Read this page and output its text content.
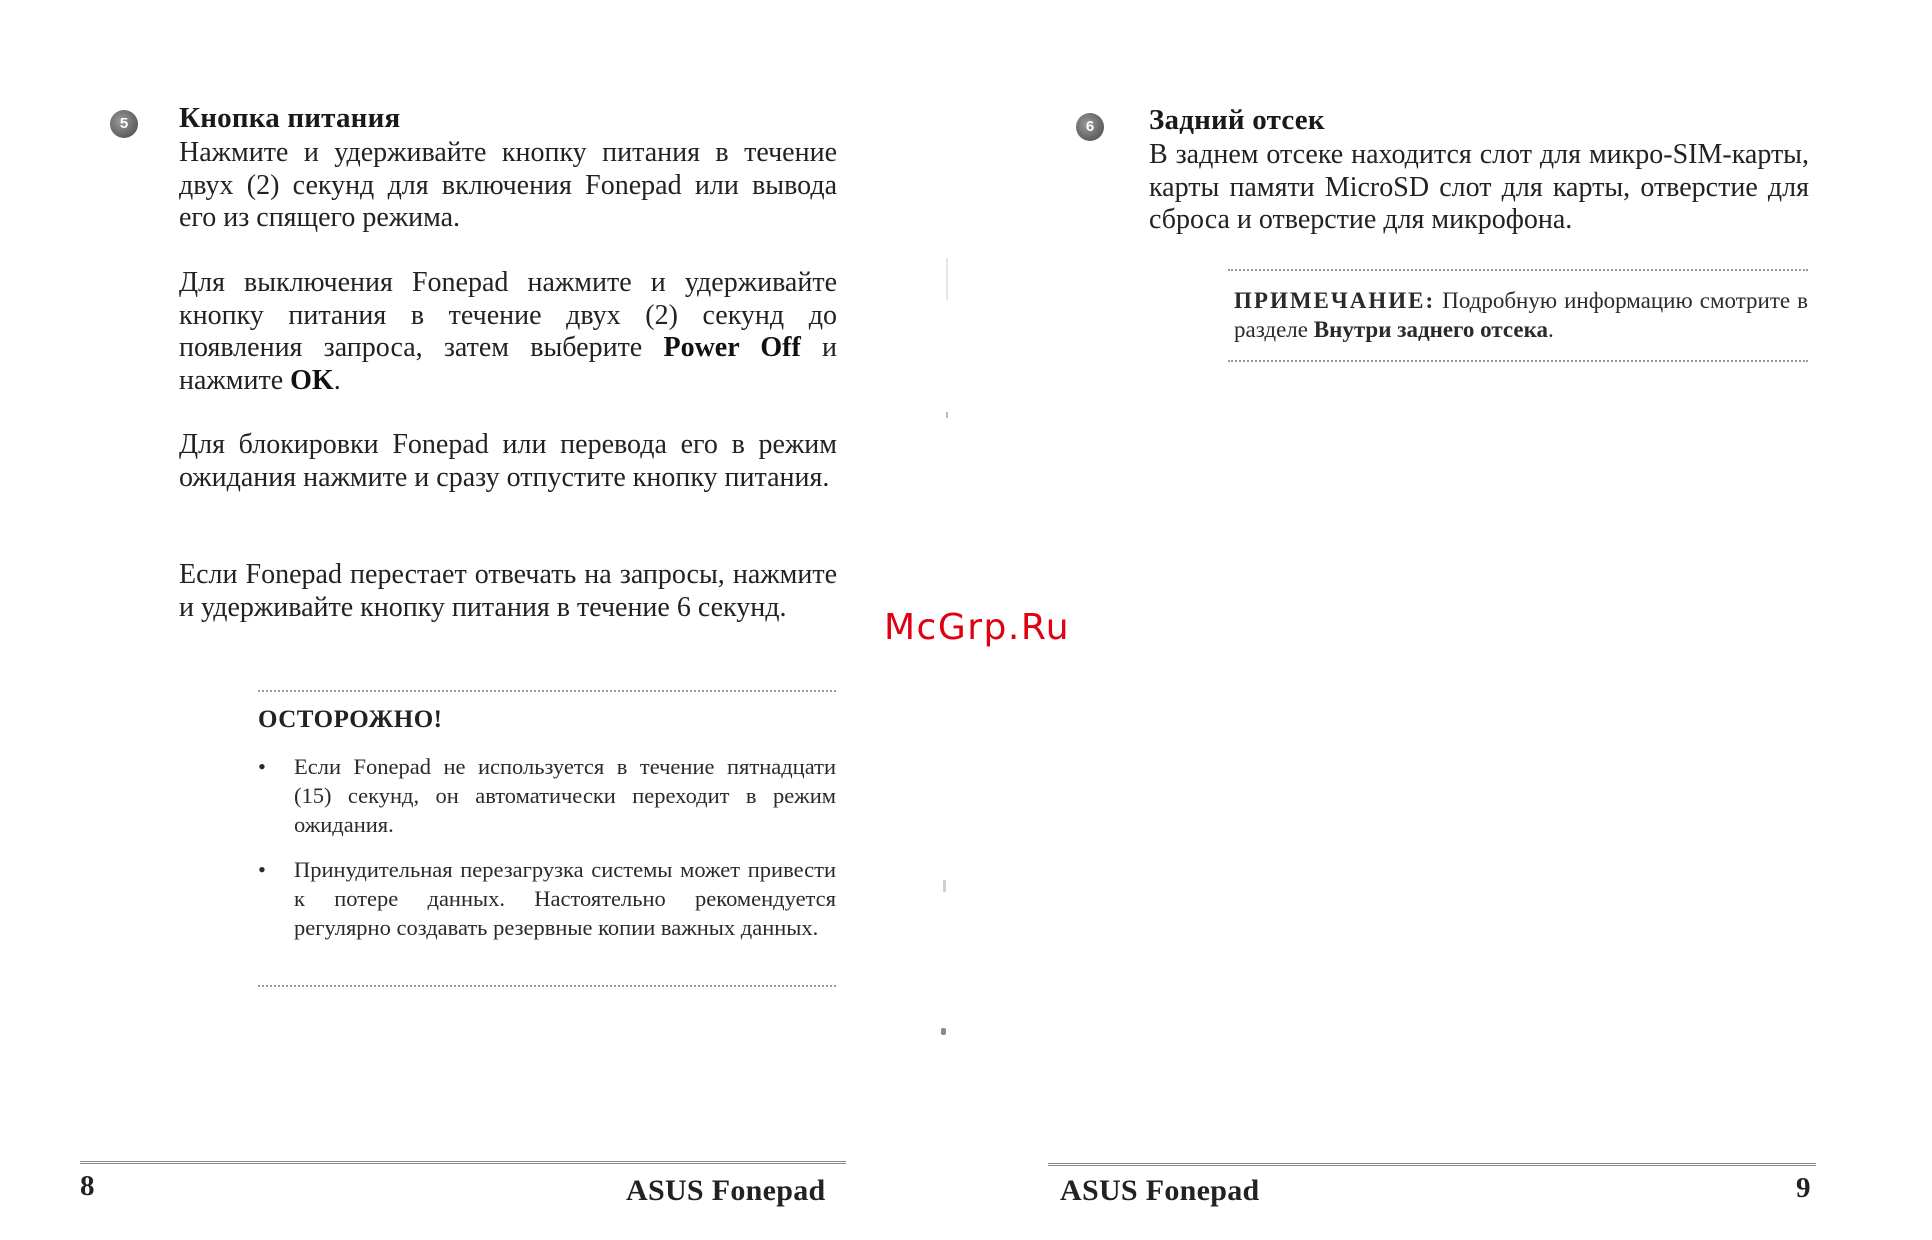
5	Кнопка питания

Нажмите и удерживайте кнопку питания в течение двух (2) секунд для включения Fonepad или вывода его из спящего режима.

Для выключения Fonepad нажмите и удерживайте кнопку питания в течение двух (2) секунд до появления запроса, затем выберите Power Off и нажмите OK.

Для блокировки Fonepad или перевода его в режим ожидания нажмите и сразу отпустите кнопку питания.

Если Fonepad перестает отвечать на запросы, нажмите и удерживайте кнопку питания в течение 6 секунд.

ОСТОРОЖНО!
• Если Fonepad не используется в течение пятнадцати (15) секунд, он автоматически переходит в режим ожидания.
• Принудительная перезагрузка системы может привести к потере данных. Настоятельно рекомендуется регулярно создавать резервные копии важных данных.
8	ASUS Fonepad
6	Задний отсек

В заднем отсеке находится слот для микро-SIM-карты, карты памяти MicroSD слот для карты, отверстие для сброса и отверстие для микрофона.

ПРИМЕЧАНИЕ: Подробную информацию смотрите в разделе Внутри заднего отсека.

ASUS Fonepad	9
McGrp.Ru
